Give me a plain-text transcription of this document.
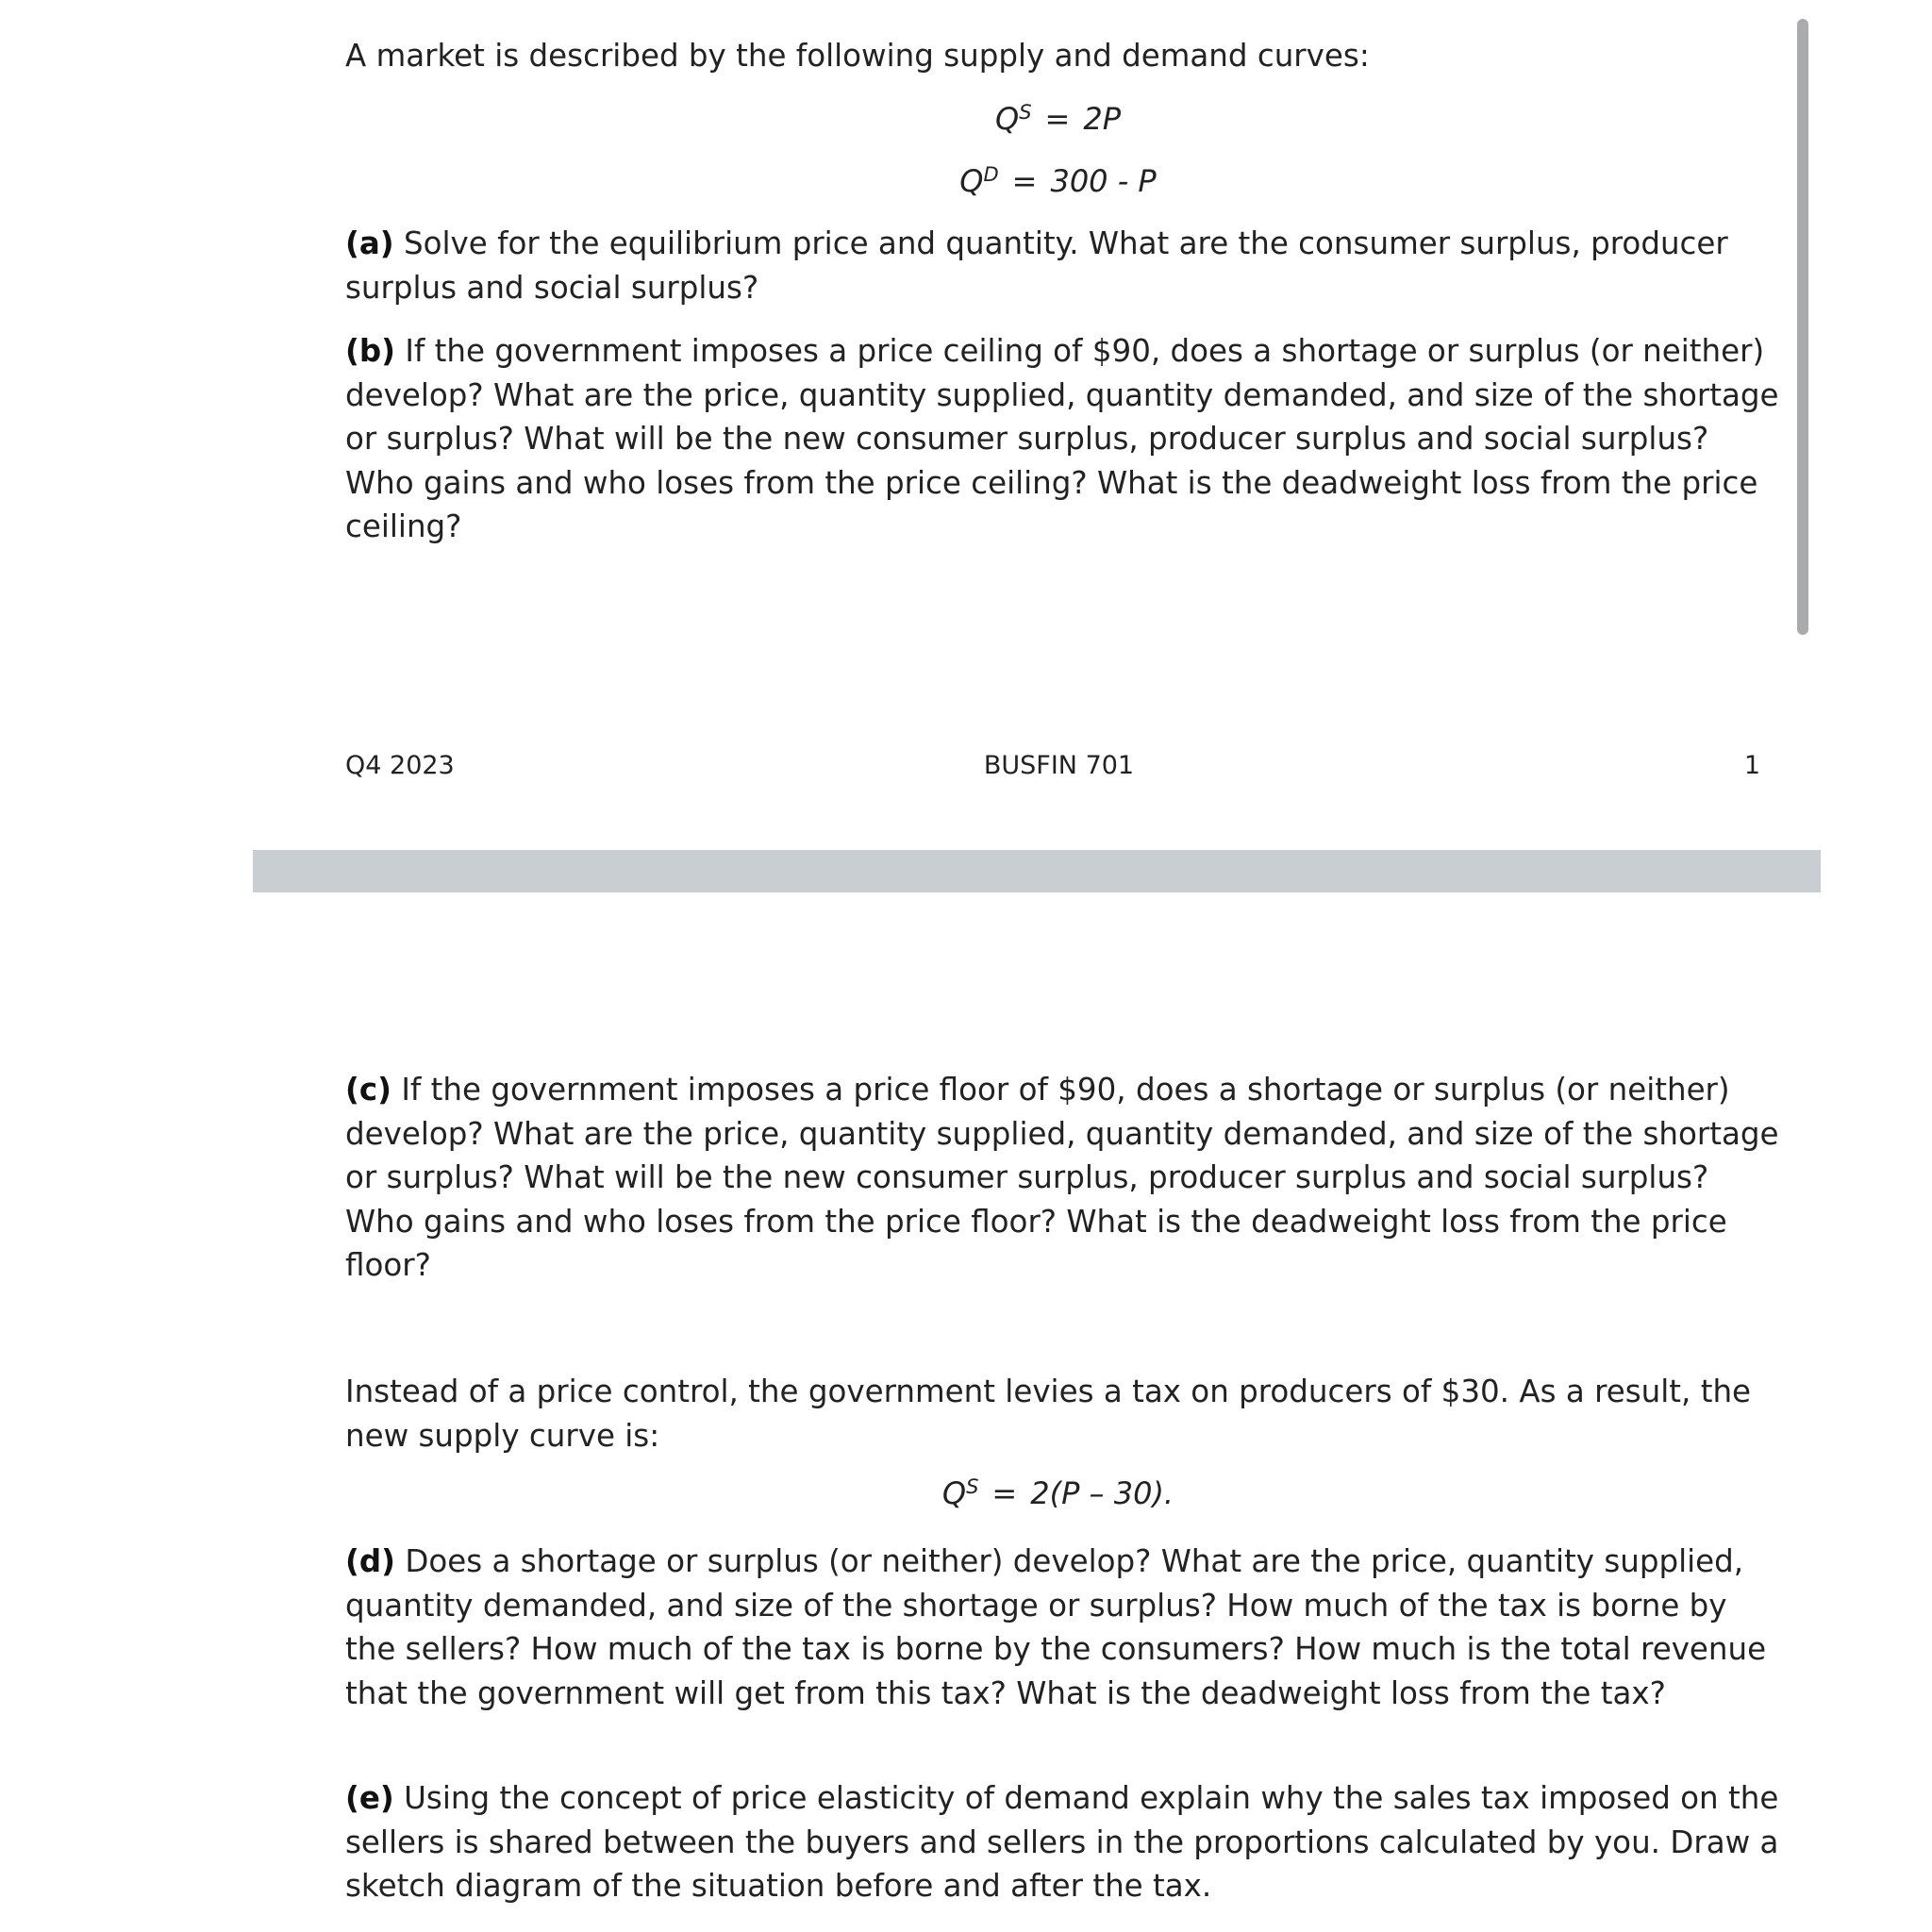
A market is described by the following supply and demand curves:

$Q^S = 2P$
$Q^D = 300 - P$

(a) Solve for the equilibrium price and quantity. What are the consumer surplus, producer surplus and social surplus?

(b) If the government imposes a price ceiling of $90, does a shortage or surplus (or neither) develop? What are the price, quantity supplied, quantity demanded, and size of the shortage or surplus? What will be the new consumer surplus, producer surplus and social surplus? Who gains and who loses from the price ceiling? What is the deadweight loss from the price ceiling?

Q4 2023	BUSFIN 701	1

(c) If the government imposes a price floor of $90, does a shortage or surplus (or neither) develop? What are the price, quantity supplied, quantity demanded, and size of the shortage or surplus? What will be the new consumer surplus, producer surplus and social surplus? Who gains and who loses from the price floor? What is the deadweight loss from the price floor?

Instead of a price control, the government levies a tax on producers of $30. As a result, the new supply curve is:

$Q^S = 2(P - 30)$.

(d) Does a shortage or surplus (or neither) develop? What are the price, quantity supplied, quantity demanded, and size of the shortage or surplus? How much of the tax is borne by the sellers? How much of the tax is borne by the consumers? How much is the total revenue that the government will get from this tax? What is the deadweight loss from the tax?

(e) Using the concept of price elasticity of demand explain why the sales tax imposed on the sellers is shared between the buyers and sellers in the proportions calculated by you. Draw a sketch diagram of the situation before and after the tax.
